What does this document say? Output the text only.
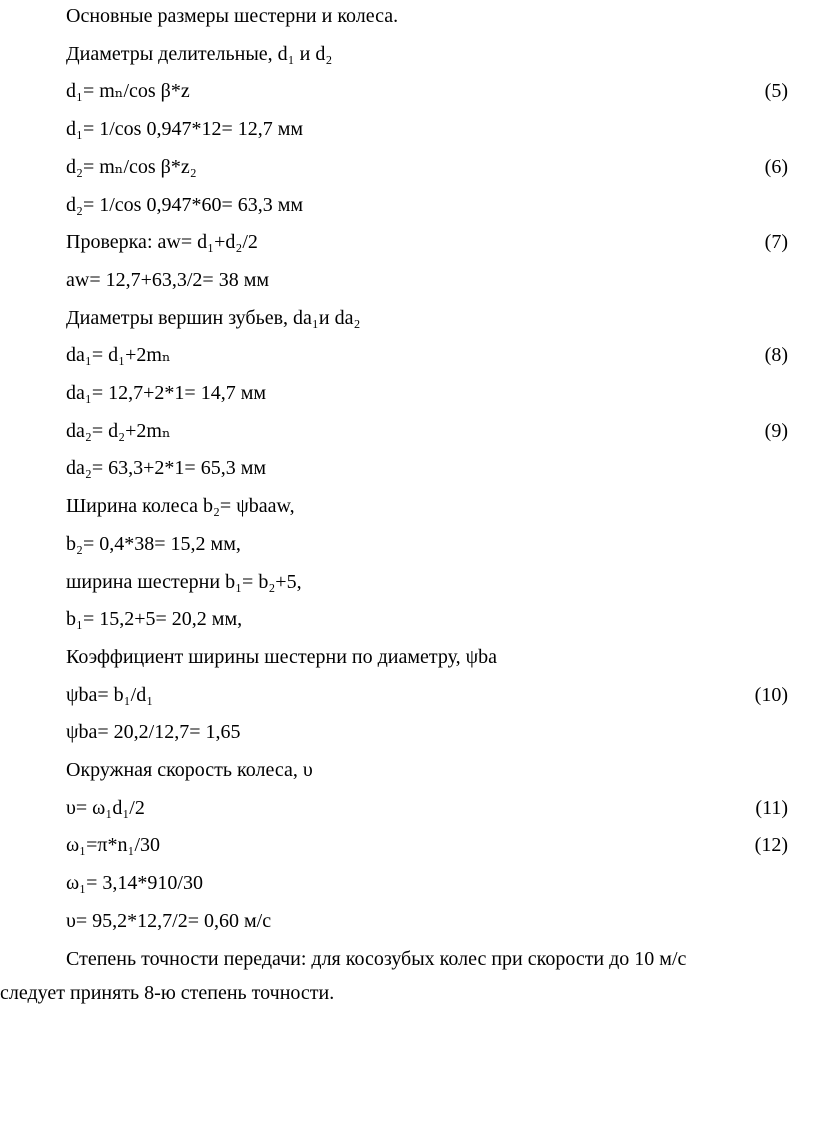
Основные размеры шестерни и колеса.
Диаметры делительные, d₁ и d₂
d₁= mₙ/cos β*z	(5)
d₁= 1/cos 0,947*12= 12,7 мм
d₂= mₙ/cos β*z₂	(6)
d₂= 1/cos 0,947*60= 63,3 мм
Проверка: aw= d₁+d₂/2	(7)
aw= 12,7+63,3/2= 38 мм
Диаметры вершин зубьев, da₁и da₂
da₁= d₁+2mₙ	(8)
da₁= 12,7+2*1= 14,7 мм
da₂= d₂+2mₙ	(9)
da₂= 63,3+2*1= 65,3 мм
Ширина колеса b₂= ψbaaw,
b₂= 0,4*38= 15,2 мм,
ширина шестерни b₁= b₂+5,
b₁= 15,2+5= 20,2 мм,
Коэффициент ширины шестерни по диаметру, ψba
ψba= b₁/d₁	(10)
ψba= 20,2/12,7= 1,65
Окружная скорость колеса, υ
υ= ω₁d₁/2	(11)
ω₁=π*n₁/30	(12)
ω₁= 3,14*910/30
υ= 95,2*12,7/2= 0,60 м/с
Степень точности передачи: для косозубых колес при скорости до 10 м/с
следует принять 8-ю степень точности.
